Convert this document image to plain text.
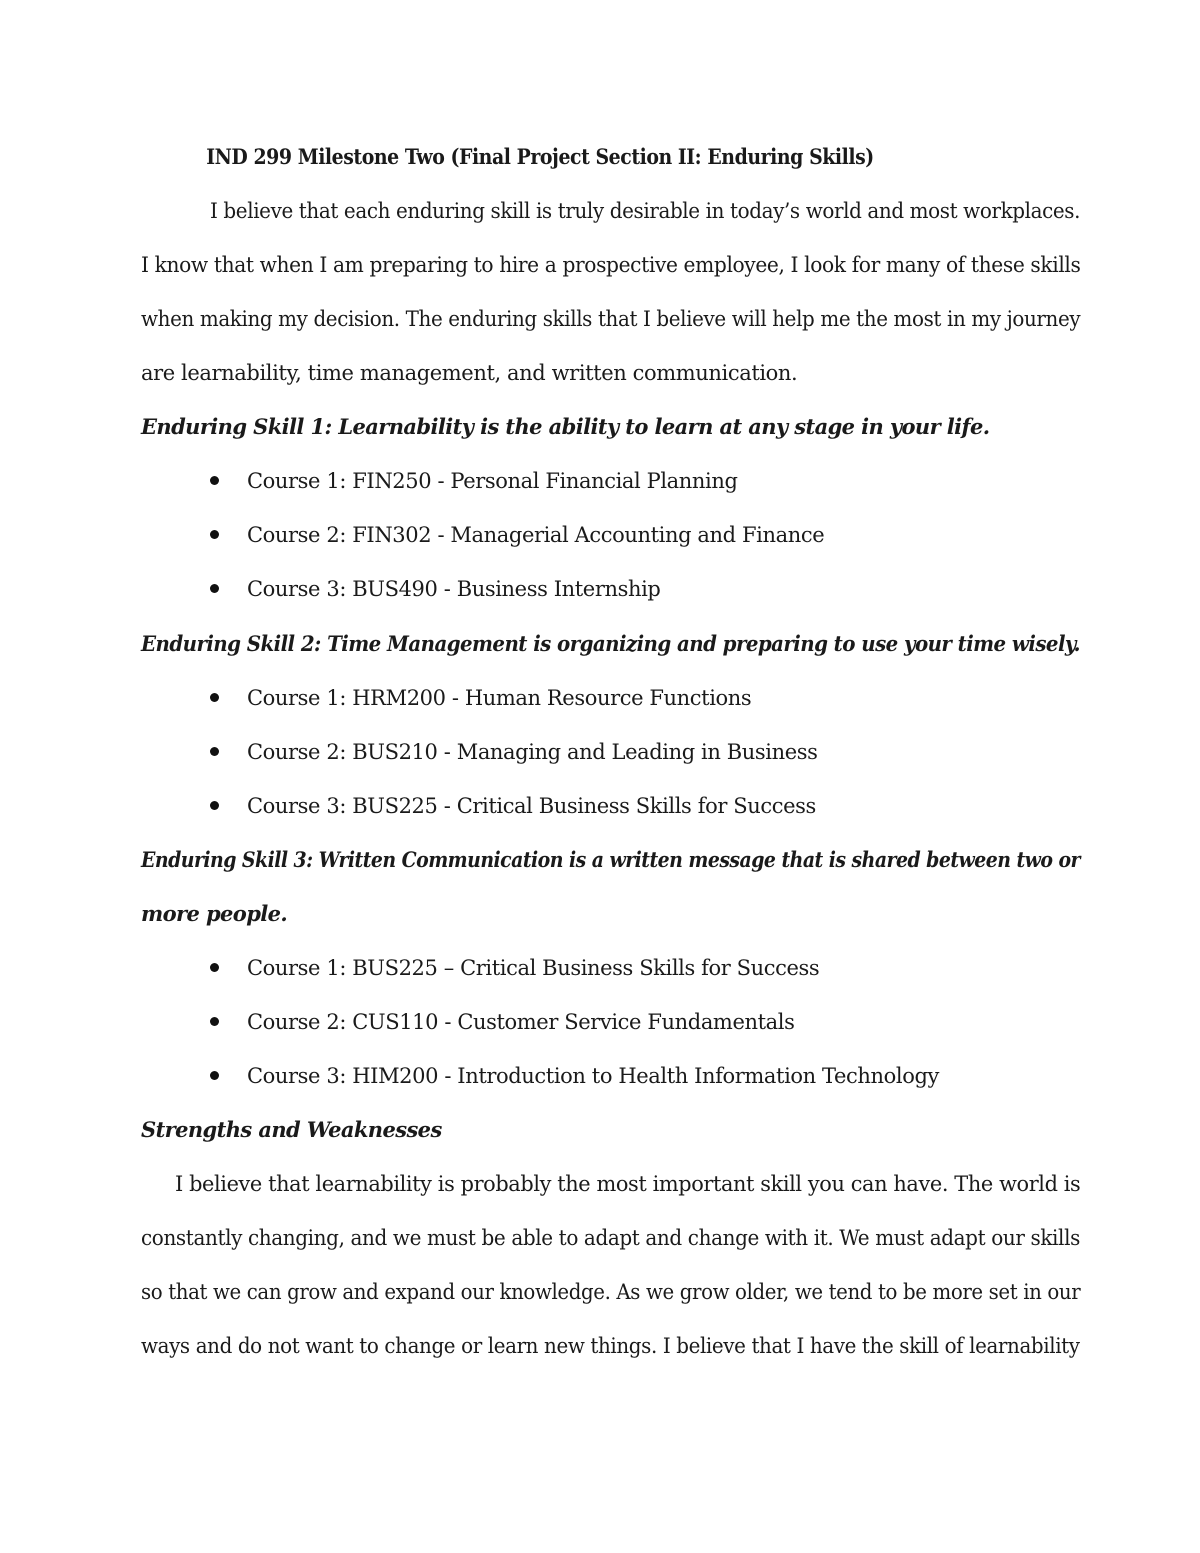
IND 299 Milestone Two (Final Project Section II: Enduring Skills)
I believe that each enduring skill is truly desirable in today’s world and most workplaces.
I know that when I am preparing to hire a prospective employee, I look for many of these skills
when making my decision. The enduring skills that I believe will help me the most in my journey
are learnability, time management, and written communication.
Enduring Skill 1: Learnability is the ability to learn at any stage in your life.
Course 1: FIN250 - Personal Financial Planning
Course 2: FIN302 - Managerial Accounting and Finance
Course 3: BUS490 - Business Internship
Enduring Skill 2: Time Management is organizing and preparing to use your time wisely.
Course 1: HRM200 - Human Resource Functions
Course 2: BUS210 - Managing and Leading in Business
Course 3: BUS225 - Critical Business Skills for Success
Enduring Skill 3: Written Communication is a written message that is shared between two or
more people.
Course 1: BUS225 – Critical Business Skills for Success
Course 2: CUS110 - Customer Service Fundamentals
Course 3: HIM200 - Introduction to Health Information Technology
Strengths and Weaknesses
I believe that learnability is probably the most important skill you can have. The world is
constantly changing, and we must be able to adapt and change with it. We must adapt our skills
so that we can grow and expand our knowledge. As we grow older, we tend to be more set in our
ways and do not want to change or learn new things. I believe that I have the skill of learnability
